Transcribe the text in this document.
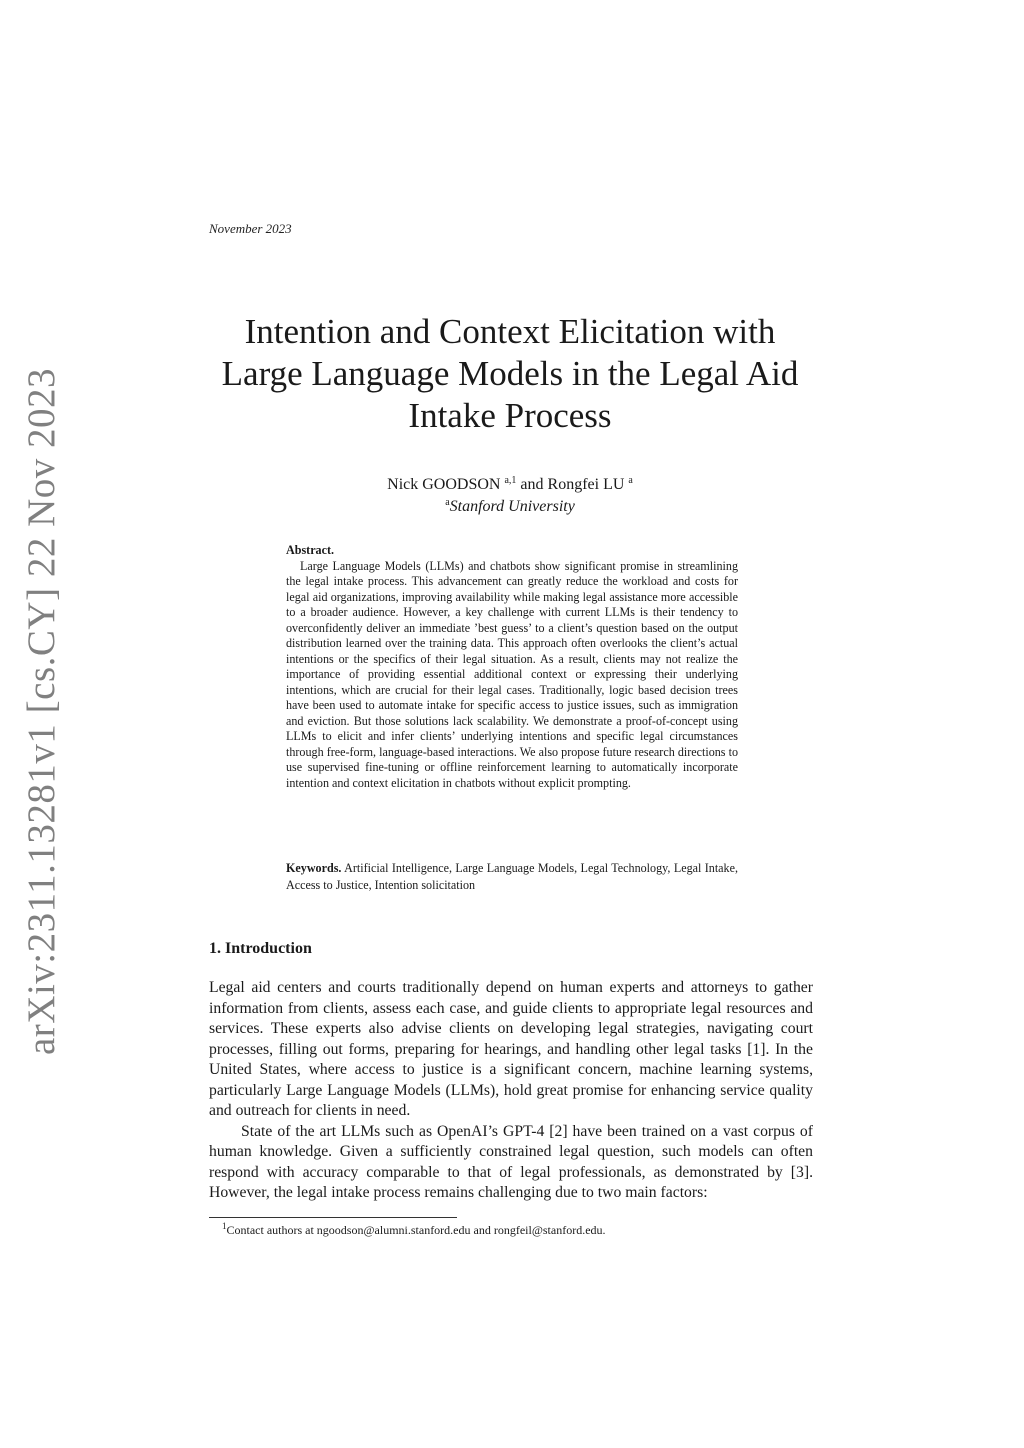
arXiv:2311.13281v1 [cs.CY] 22 Nov 2023
November 2023
Intention and Context Elicitation with
Large Language Models in the Legal Aid
Intake Process
Nick GOODSON $^{a,1}$ and Rongfei LU $^a$
$^a$Stanford University
Abstract.

Large Language Models (LLMs) and chatbots show significant promise in streamlining the legal intake process. This advancement can greatly reduce the workload and costs for legal aid organizations, improving availability while making legal assistance more accessible to a broader audience. However, a key challenge with current LLMs is their tendency to overconfidently deliver an immediate ’best guess’ to a client’s question based on the output distribution learned over the training data. This approach often overlooks the client’s actual intentions or the specifics of their legal situation. As a result, clients may not realize the importance of providing essential additional context or expressing their underlying intentions, which are crucial for their legal cases. Traditionally, logic based decision trees have been used to automate intake for specific access to justice issues, such as immigration and eviction. But those solutions lack scalability. We demonstrate a proof-of-concept using LLMs to elicit and infer clients’ underlying intentions and specific legal circumstances through free-form, language-based interactions. We also propose future research directions to use supervised fine-tuning or offline reinforcement learning to automatically incorporate intention and context elicitation in chatbots without explicit prompting.

Keywords. Artificial Intelligence, Large Language Models, Legal Technology, Legal Intake, Access to Justice, Intention solicitation
1. Introduction

Legal aid centers and courts traditionally depend on human experts and attorneys to gather information from clients, assess each case, and guide clients to appropriate legal resources and services. These experts also advise clients on developing legal strategies, navigating court processes, filling out forms, preparing for hearings, and handling other legal tasks [1]. In the United States, where access to justice is a significant concern, machine learning systems, particularly Large Language Models (LLMs), hold great promise for enhancing service quality and outreach for clients in need.

State of the art LLMs such as OpenAI’s GPT-4 [2] have been trained on a vast corpus of human knowledge. Given a sufficiently constrained legal question, such models can often respond with accuracy comparable to that of legal professionals, as demonstrated by [3]. However, the legal intake process remains challenging due to two main factors:

$^1$Contact authors at ngoodson@alumni.stanford.edu and rongfeil@stanford.edu.
